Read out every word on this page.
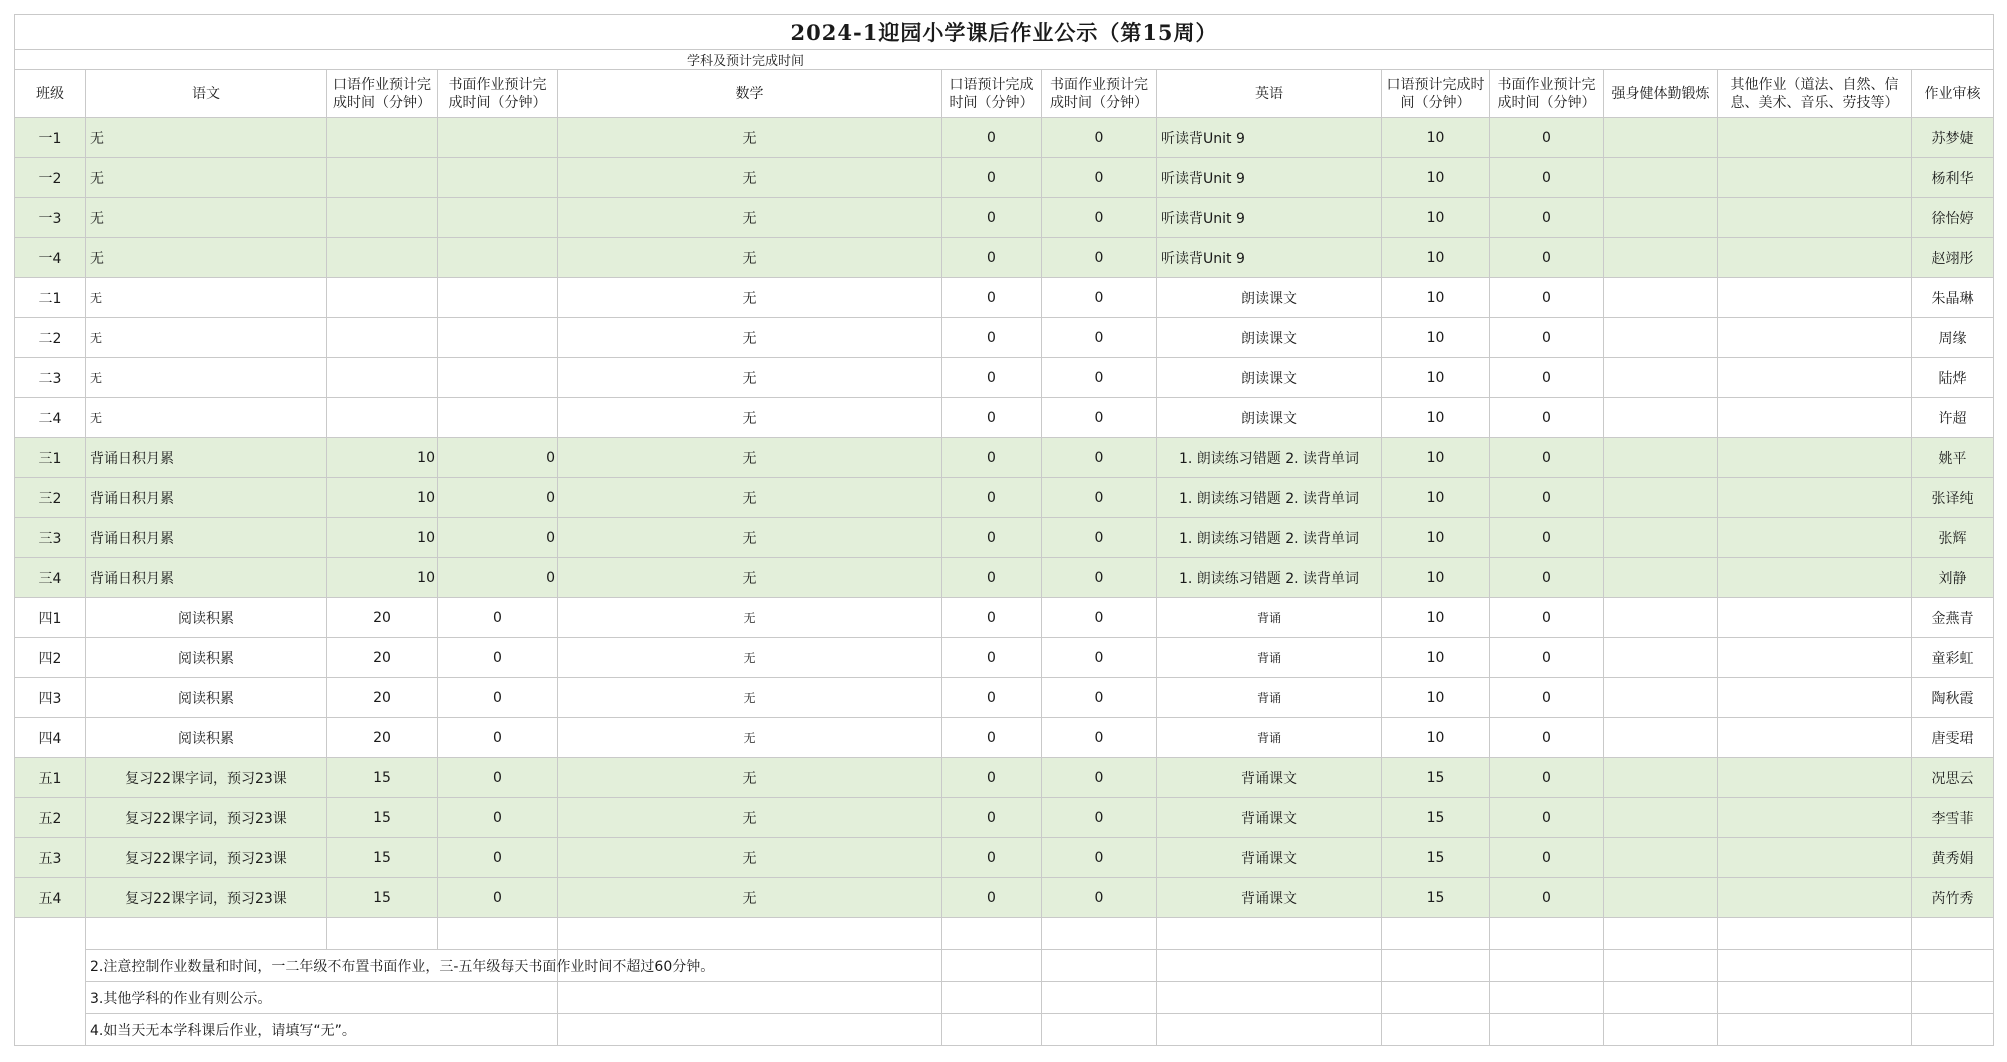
2024-1迎园小学课后作业公示（第15周）												
学科及预计完成时间												
班级	语文	口语作业预计完成时间（分钟）	书面作业预计完成时间（分钟）	数学	口语预计完成时间（分钟）	书面作业预计完成时间（分钟）	英语	口语预计完成时间（分钟）	书面作业预计完成时间（分钟）	强身健体勤锻炼	其他作业（道法、自然、信息、美术、音乐、劳技等）	作业审核
一1	无			无	0	0	听读背Unit 9	10	0			苏梦婕
一2	无			无	0	0	听读背Unit 9	10	0			杨利华
一3	无			无	0	0	听读背Unit 9	10	0			徐怡婷
一4	无			无	0	0	听读背Unit 9	10	0			赵翊彤
二1	无			无	0	0	朗读课文	10	0			朱晶琳
二2	无			无	0	0	朗读课文	10	0			周缘
二3	无			无	0	0	朗读课文	10	0			陆烨
二4	无			无	0	0	朗读课文	10	0			许超
三1	背诵日积月累	10	0	无	0	0	1. 朗读练习错题 2. 读背单词	10	0			姚平
三2	背诵日积月累	10	0	无	0	0	1. 朗读练习错题 2. 读背单词	10	0			张译纯
三3	背诵日积月累	10	0	无	0	0	1. 朗读练习错题 2. 读背单词	10	0			张辉
三4	背诵日积月累	10	0	无	0	0	1. 朗读练习错题 2. 读背单词	10	0			刘静
四1	阅读积累	20	0	无	0	0	背诵	10	0			金燕青
四2	阅读积累	20	0	无	0	0	背诵	10	0			童彩虹
四3	阅读积累	20	0	无	0	0	背诵	10	0			陶秋霞
四4	阅读积累	20	0	无	0	0	背诵	10	0			唐雯珺
五1	复习22课字词，预习23课	15	0	无	0	0	背诵课文	15	0			况思云
五2	复习22课字词，预习23课	15	0	无	0	0	背诵课文	15	0			李雪菲
五3	复习22课字词，预习23课	15	0	无	0	0	背诵课文	15	0			黄秀娟
五4	复习22课字词，预习23课	15	0	无	0	0	背诵课文	15	0			芮竹秀

	2.注意控制作业数量和时间，一二年级不布置书面作业，三-五年级每天书面作业时间不超过60分钟。											
	3.其他学科的作业有则公示。											
	4.如当天无本学科课后作业，请填写“无”。											
